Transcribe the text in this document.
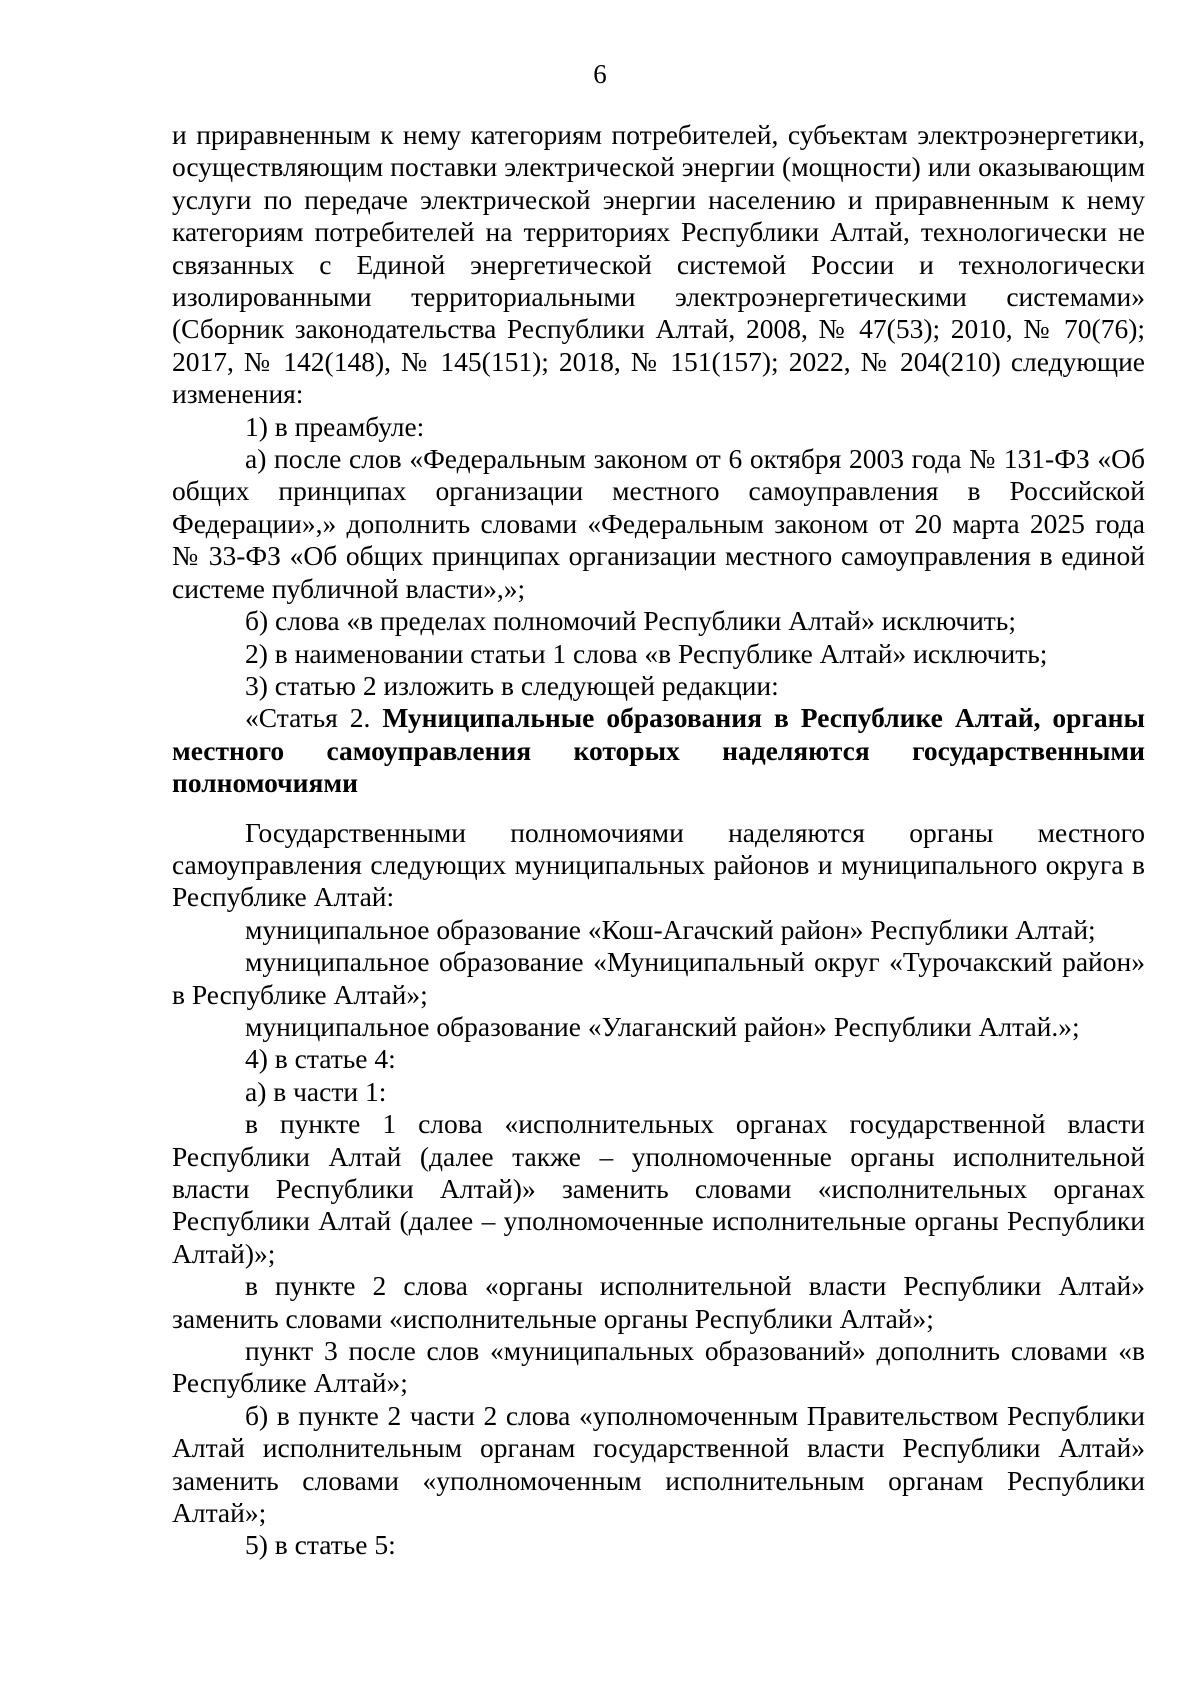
6

и приравненным к нему категориям потребителей, субъектам электроэнергетики, осуществляющим поставки электрической энергии (мощности) или оказывающим услуги по передаче электрической энергии населению и приравненным к нему категориям потребителей на территориях Республики Алтай, технологически не связанных с Единой энергетической системой России и технологически изолированными территориальными электроэнергетическими системами» (Сборник законодательства Республики Алтай, 2008, № 47(53); 2010, № 70(76); 2017, № 142(148), № 145(151); 2018, № 151(157); 2022, № 204(210) следующие изменения:

1) в преамбуле:

а) после слов «Федеральным законом от 6 октября 2003 года № 131-ФЗ «Об общих принципах организации местного самоуправления в Российской Федерации»,» дополнить словами «Федеральным законом от 20 марта 2025 года № 33-ФЗ «Об общих принципах организации местного самоуправления в единой системе публичной власти»,»;

б) слова «в пределах полномочий Республики Алтай» исключить;

2) в наименовании статьи 1 слова «в Республике Алтай» исключить;

3) статью 2 изложить в следующей редакции:

«Статья 2. Муниципальные образования в Республике Алтай, органы местного самоуправления которых наделяются государственными полномочиями

Государственными полномочиями наделяются органы местного самоуправления следующих муниципальных районов и муниципального округа в Республике Алтай:

муниципальное образование «Кош-Агачский район» Республики Алтай;

муниципальное образование «Муниципальный округ «Турочакский район» в Республике Алтай»;

муниципальное образование «Улаганский район» Республики Алтай.»;

4) в статье 4:

а) в части 1:

в пункте 1 слова «исполнительных органах государственной власти Республики Алтай (далее также – уполномоченные органы исполнительной власти Республики Алтай)» заменить словами «исполнительных органах Республики Алтай (далее – уполномоченные исполнительные органы Республики Алтай)»;

в пункте 2 слова «органы исполнительной власти Республики Алтай» заменить словами «исполнительные органы Республики Алтай»;

пункт 3 после слов «муниципальных образований» дополнить словами «в Республике Алтай»;

б) в пункте 2 части 2 слова «уполномоченным Правительством Республики Алтай исполнительным органам государственной власти Республики Алтай» заменить словами «уполномоченным исполнительным органам Республики Алтай»;

5) в статье 5:
